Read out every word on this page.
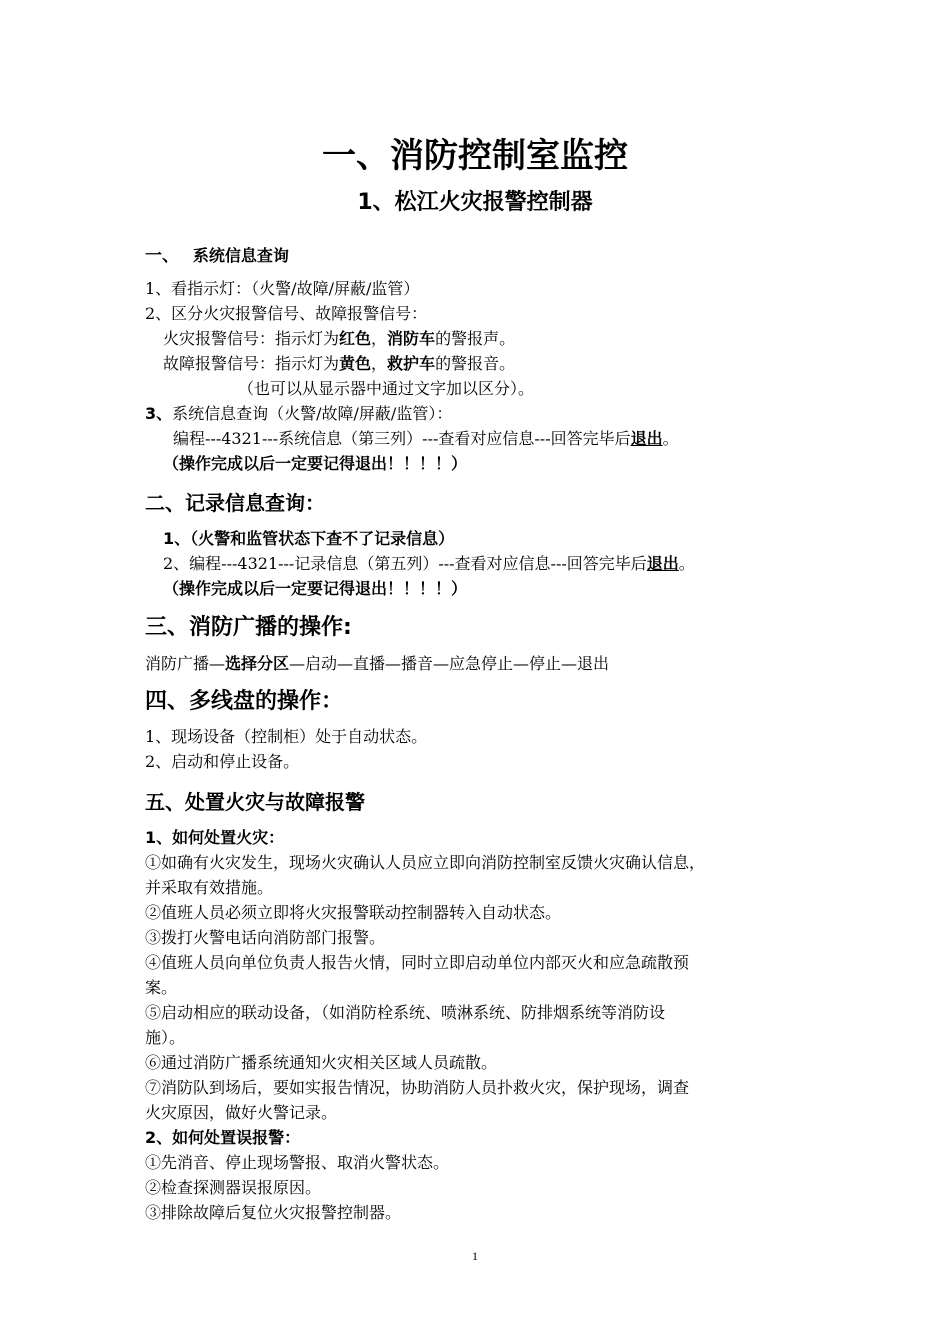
一、消防控制室监控
1、松江火灾报警控制器
一、 系统信息查询
1、看指示灯：（火警/故障/屏蔽/监管）
2、区分火灾报警信号、故障报警信号：
火灾报警信号：指示灯为红色，消防车的警报声。
故障报警信号：指示灯为黄色，救护车的警报音。
（也可以从显示器中通过文字加以区分）。
3、系统信息查询（火警/故障/屏蔽/监管）：
编程---4321---系统信息（第三列）---查看对应信息---回答完毕后退出。
（操作完成以后一定要记得退出！！！！）
二、记录信息查询：
1、（火警和监管状态下查不了记录信息）
2、编程---4321---记录信息（第五列）---查看对应信息---回答完毕后退出。
（操作完成以后一定要记得退出！！！！）
三、消防广播的操作:
消防广播—选择分区—启动—直播—播音—应急停止—停止—退出
四、多线盘的操作：
1、现场设备（控制柜）处于自动状态。
2、启动和停止设备。
五、处置火灾与故障报警
1、如何处置火灾：
①如确有火灾发生，现场火灾确认人员应立即向消防控制室反馈火灾确认信息，
并采取有效措施。
②值班人员必须立即将火灾报警联动控制器转入自动状态。
③拨打火警电话向消防部门报警。
④值班人员向单位负责人报告火情，同时立即启动单位内部灭火和应急疏散预
案。
⑤启动相应的联动设备，（如消防栓系统、喷淋系统、防排烟系统等消防设
施）。
⑥通过消防广播系统通知火灾相关区域人员疏散。
⑦消防队到场后，要如实报告情况，协助消防人员扑救火灾，保护现场，调查
火灾原因，做好火警记录。
2、如何处置误报警：
①先消音、停止现场警报、取消火警状态。
②检查探测器误报原因。
③排除故障后复位火灾报警控制器。
1
